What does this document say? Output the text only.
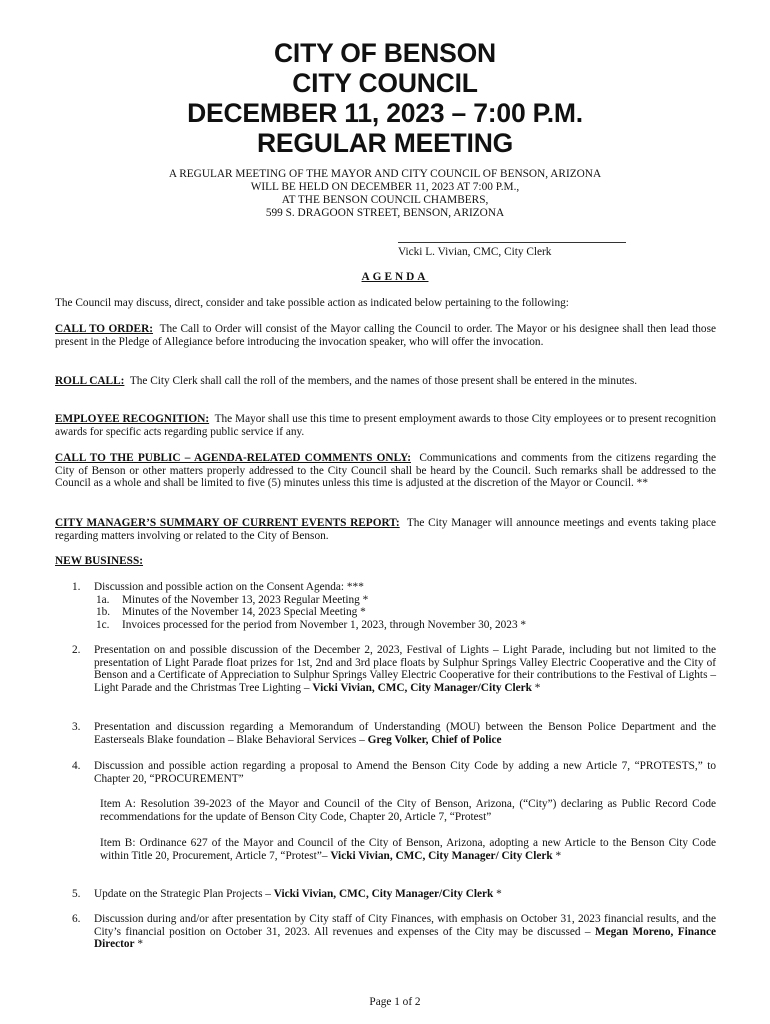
CITY OF BENSON
CITY COUNCIL
DECEMBER 11, 2023 – 7:00 P.M.
REGULAR MEETING
A REGULAR MEETING OF THE MAYOR AND CITY COUNCIL OF BENSON, ARIZONA
WILL BE HELD ON DECEMBER 11, 2023 AT 7:00 P.M.,
AT THE BENSON COUNCIL CHAMBERS,
599 S. DRAGOON STREET, BENSON, ARIZONA
Vicki L. Vivian, CMC, City Clerk
AGENDA
The Council may discuss, direct, consider and take possible action as indicated below pertaining to the following:
CALL TO ORDER: The Call to Order will consist of the Mayor calling the Council to order. The Mayor or his designee shall then lead those present in the Pledge of Allegiance before introducing the invocation speaker, who will offer the invocation.
ROLL CALL: The City Clerk shall call the roll of the members, and the names of those present shall be entered in the minutes.
EMPLOYEE RECOGNITION: The Mayor shall use this time to present employment awards to those City employees or to present recognition awards for specific acts regarding public service if any.
CALL TO THE PUBLIC – AGENDA-RELATED COMMENTS ONLY: Communications and comments from the citizens regarding the City of Benson or other matters properly addressed to the City Council shall be heard by the Council. Such remarks shall be addressed to the Council as a whole and shall be limited to five (5) minutes unless this time is adjusted at the discretion of the Mayor or Council. **
CITY MANAGER’S SUMMARY OF CURRENT EVENTS REPORT: The City Manager will announce meetings and events taking place regarding matters involving or related to the City of Benson.
NEW BUSINESS:
1. Discussion and possible action on the Consent Agenda: ***
1a. Minutes of the November 13, 2023 Regular Meeting *
1b. Minutes of the November 14, 2023 Special Meeting *
1c. Invoices processed for the period from November 1, 2023, through November 30, 2023 *
2. Presentation on and possible discussion of the December 2, 2023, Festival of Lights – Light Parade, including but not limited to the presentation of Light Parade float prizes for 1st, 2nd and 3rd place floats by Sulphur Springs Valley Electric Cooperative and the City of Benson and a Certificate of Appreciation to Sulphur Springs Valley Electric Cooperative for their contributions to the Festival of Lights – Light Parade and the Christmas Tree Lighting – Vicki Vivian, CMC, City Manager/City Clerk *
3. Presentation and discussion regarding a Memorandum of Understanding (MOU) between the Benson Police Department and the Easterseals Blake foundation – Blake Behavioral Services – Greg Volker, Chief of Police
4. Discussion and possible action regarding a proposal to Amend the Benson City Code by adding a new Article 7, “PROTESTS,” to Chapter 20, “PROCUREMENT”
Item A: Resolution 39-2023 of the Mayor and Council of the City of Benson, Arizona, (“City”) declaring as Public Record Code recommendations for the update of Benson City Code, Chapter 20, Article 7, “Protest”
Item B: Ordinance 627 of the Mayor and Council of the City of Benson, Arizona, adopting a new Article to the Benson City Code within Title 20, Procurement, Article 7, “Protest”– Vicki Vivian, CMC, City Manager/ City Clerk *
5. Update on the Strategic Plan Projects – Vicki Vivian, CMC, City Manager/City Clerk *
6. Discussion during and/or after presentation by City staff of City Finances, with emphasis on October 31, 2023 financial results, and the City’s financial position on October 31, 2023. All revenues and expenses of the City may be discussed – Megan Moreno, Finance Director *
Page 1 of 2
